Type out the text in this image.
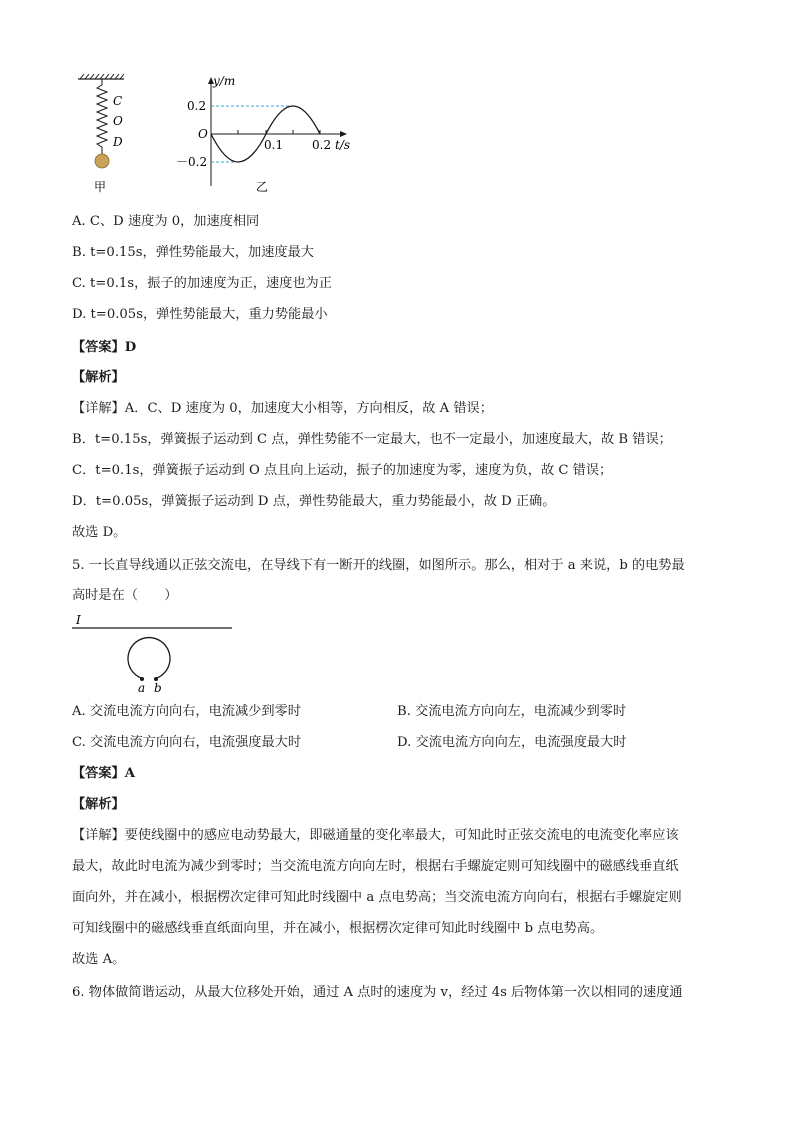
C
O
D
甲
y/m
0.2
O
－0.2
0.1 0.2 t/s
乙
A. C、D 速度为 0，加速度相同
B. t=0.15s，弹性势能最大，加速度最大
C. t=0.1s，振子的加速度为正，速度也为正
D. t=0.05s，弹性势能最大，重力势能最小
【答案】D
【解析】
【详解】A．C、D 速度为 0，加速度大小相等，方向相反，故 A 错误；
B．t=0.15s，弹簧振子运动到 C 点，弹性势能不一定最大，也不一定最小，加速度最大，故 B 错误；
C．t=0.1s，弹簧振子运动到 O 点且向上运动，振子的加速度为零，速度为负，故 C 错误；
D．t=0.05s，弹簧振子运动到 D 点，弹性势能最大，重力势能最小，故 D 正确。
故选 D。
5. 一长直导线通以正弦交流电，在导线下有一断开的线圈，如图所示。那么，相对于 a 来说，b 的电势最
高时是在（　　）
I
a b
A. 交流电流方向向右，电流减少到零时	B. 交流电流方向向左，电流减少到零时
C. 交流电流方向向右，电流强度最大时	D. 交流电流方向向左，电流强度最大时
【答案】A
【解析】
【详解】要使线圈中的感应电动势最大，即磁通量的变化率最大，可知此时正弦交流电的电流变化率应该
最大，故此时电流为减少到零时；当交流电流方向向左时，根据右手螺旋定则可知线圈中的磁感线垂直纸
面向外，并在减小，根据楞次定律可知此时线圈中 a 点电势高；当交流电流方向向右，根据右手螺旋定则
可知线圈中的磁感线垂直纸面向里，并在减小，根据楞次定律可知此时线圈中 b 点电势高。
故选 A。
6. 物体做简谐运动，从最大位移处开始，通过 A 点时的速度为 v，经过 4s 后物体第一次以相同的速度通
